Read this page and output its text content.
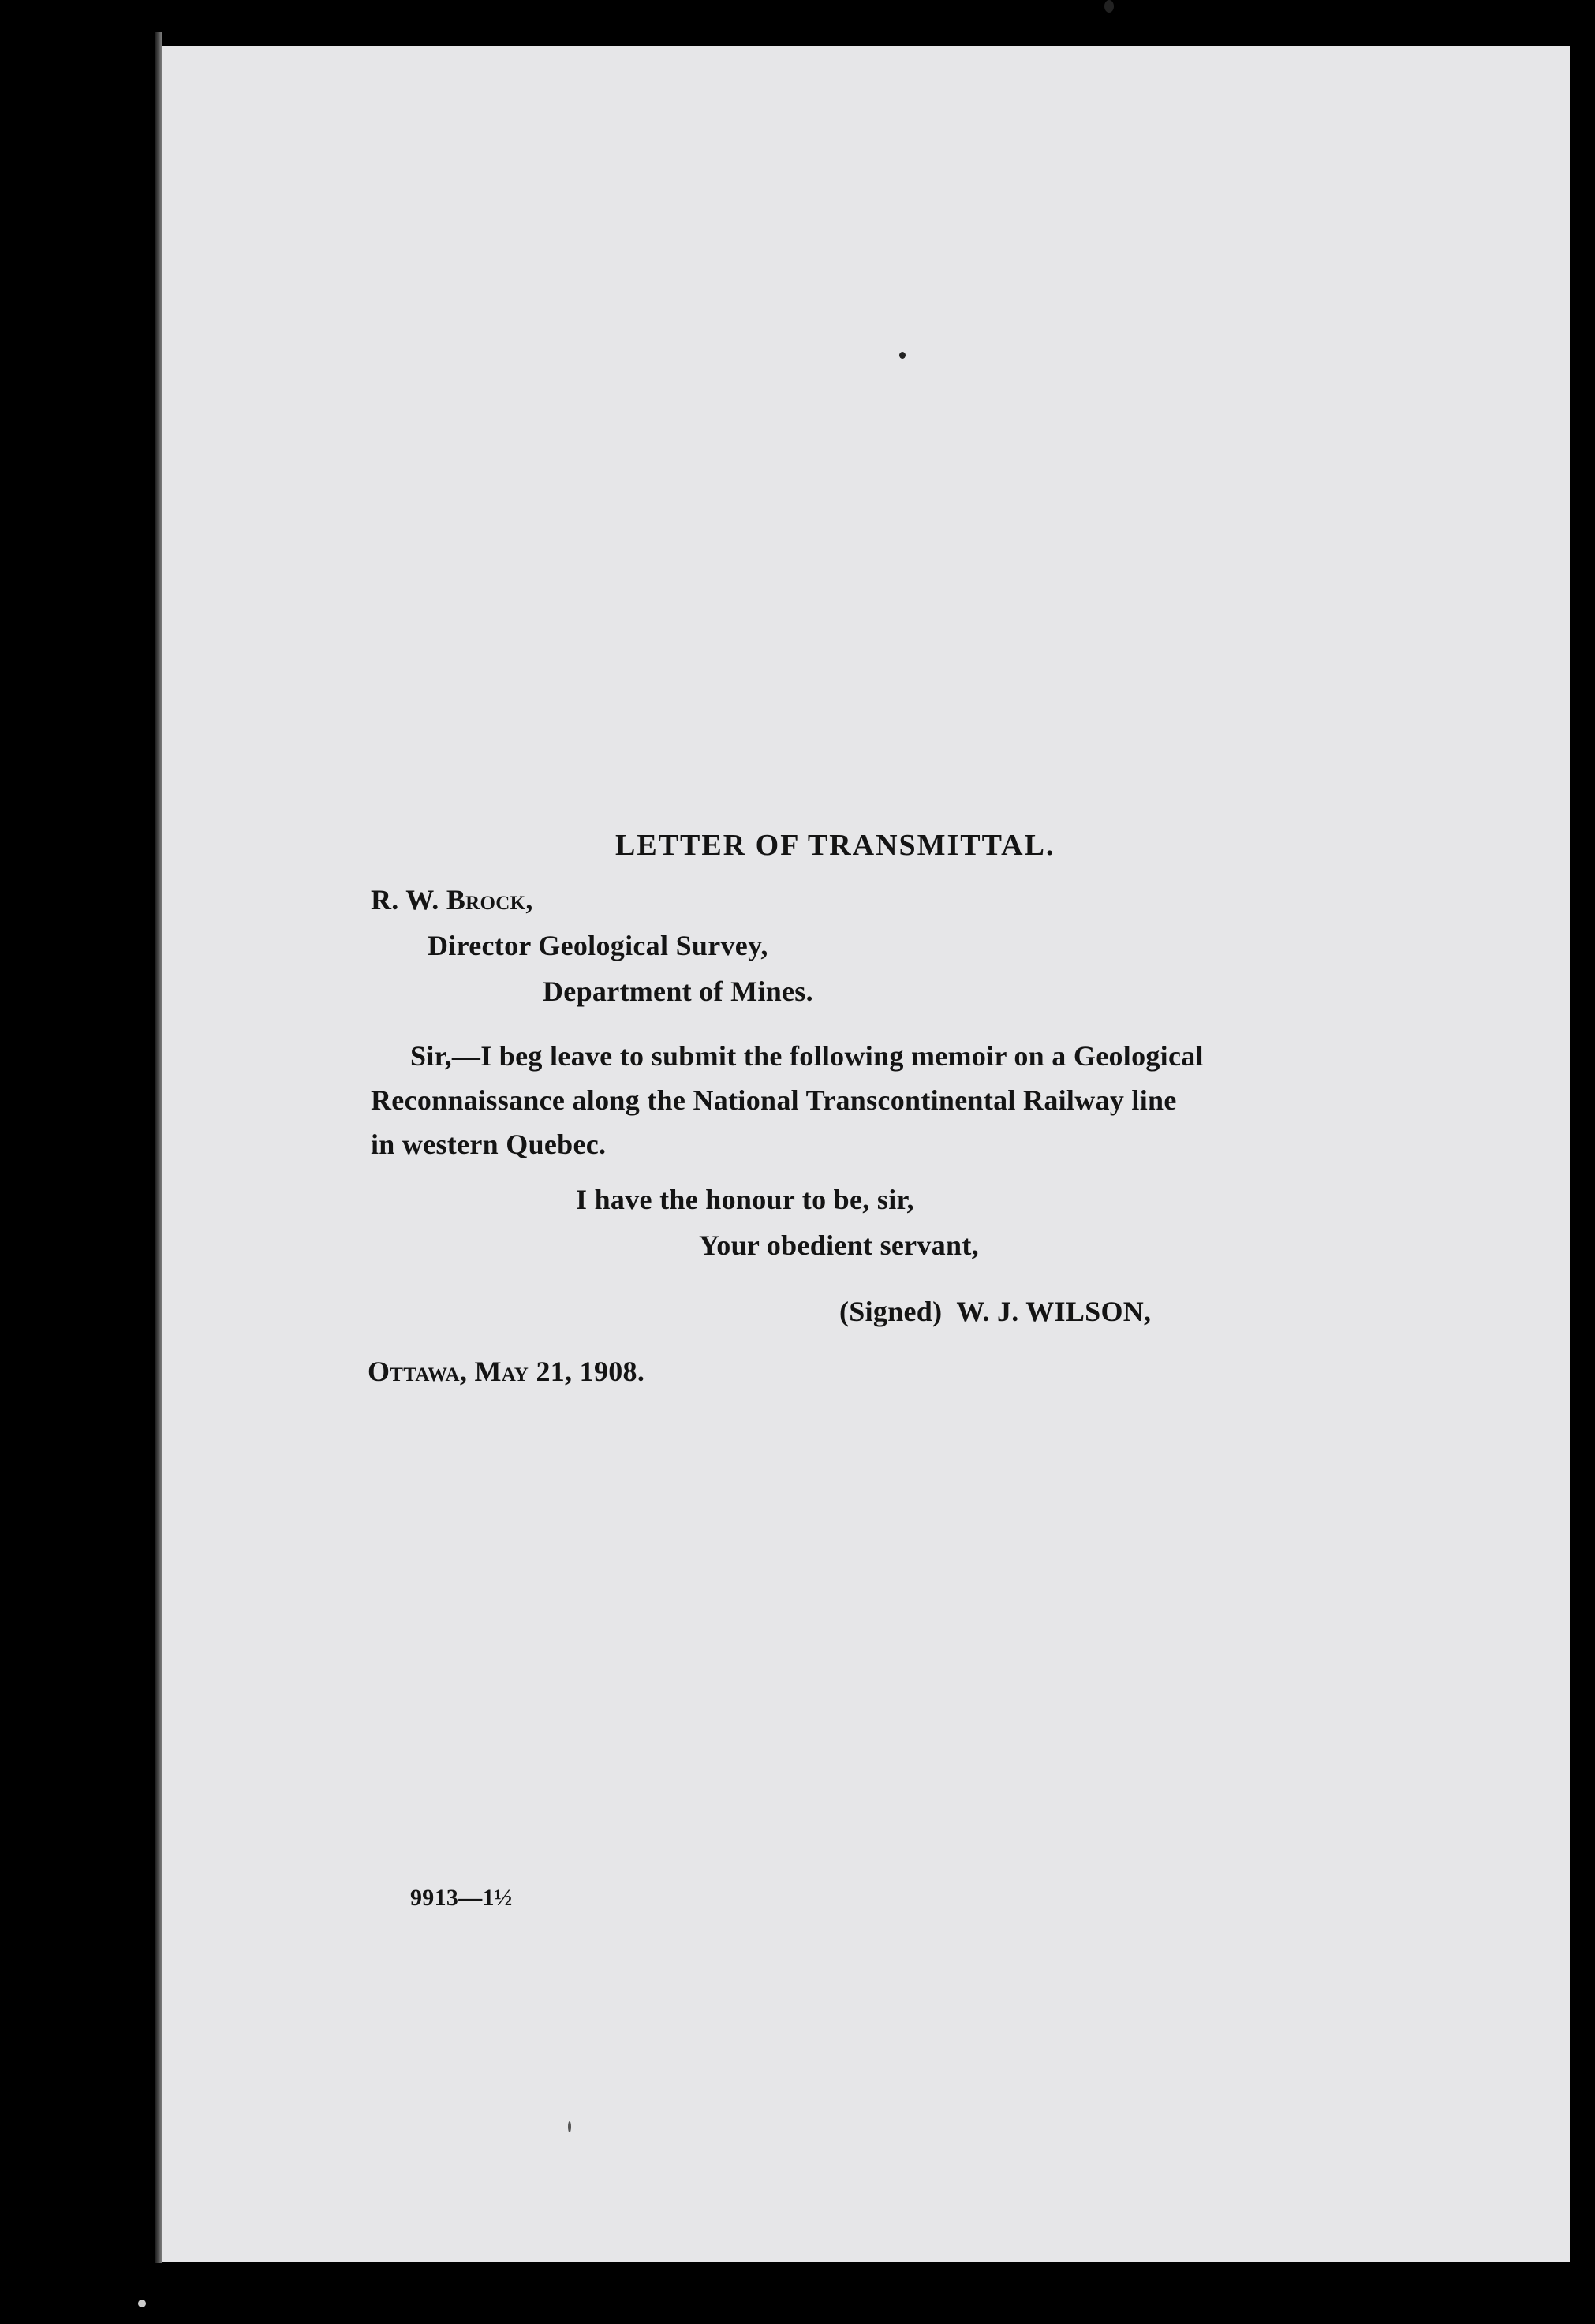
LETTER OF TRANSMITTAL.
R. W. Brock,
Director Geological Survey,
Department of Mines.
Sir,—I beg leave to submit the following memoir on a Geological
Reconnaissance along the National Transcontinental Railway line
in western Quebec.
I have the honour to be, sir,
Your obedient servant,
(Signed)  W. J. WILSON,
Ottawa, May 21, 1908.
9913—1½
